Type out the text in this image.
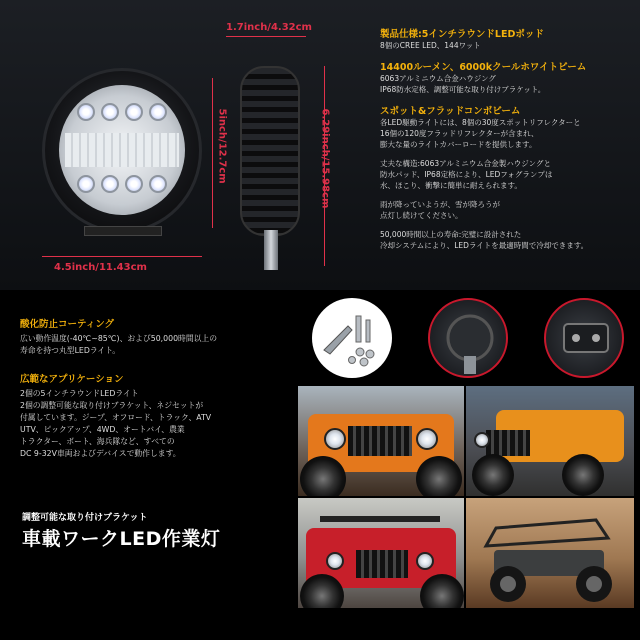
1.7inch/4.32cm
5inch/12.7cm	6.29inch/15.98cm
4.5inch/11.43cm
製品仕様:5インチラウンドLEDポッド
8個のCREE LED、144ワット
14400ルーメン、6000kクールホワイトビーム
6063アルミニウム合金ハウジング
IP68防水定格、調整可能な取り付けブラケット。
スポット&フラッドコンボビーム
各LED駆動ライトには、8個の30度スポットリフレクターと
16個の120度フラッドリフレクターが含まれ、
膨大な量のライトカバーロードを提供します。
丈夫な構造:6063アルミニウム合金製ハウジングと
防水パッド、IP68定格により、LEDフォグランプは
水、ほこり、衝撃に簡単に耐えられます。
雨が降っていようが、雪が降ろうが
点灯し続けてください。
50,000時間以上の寿命:完璧に設計された
冷却システムにより、LEDライトを最適時間で冷却できます。
酸化防止コーティング
広い動作温度(-40℃~85℃)、および50,000時間以上の
寿命を持つ丸型LEDライト。
広範なアプリケーション
2個の5インチラウンドLEDライト
2個の調整可能な取り付けブラケット、ネジセットが
付属しています。ジープ、オフロード、トラック、ATV
UTV、ピックアップ、4WD、オートバイ、農業
トラクター、ボート、海兵隊など、すべての
DC 9-32V車両およびデバイスで動作します。
調整可能な取り付けブラケット
車載ワークLED作業灯
